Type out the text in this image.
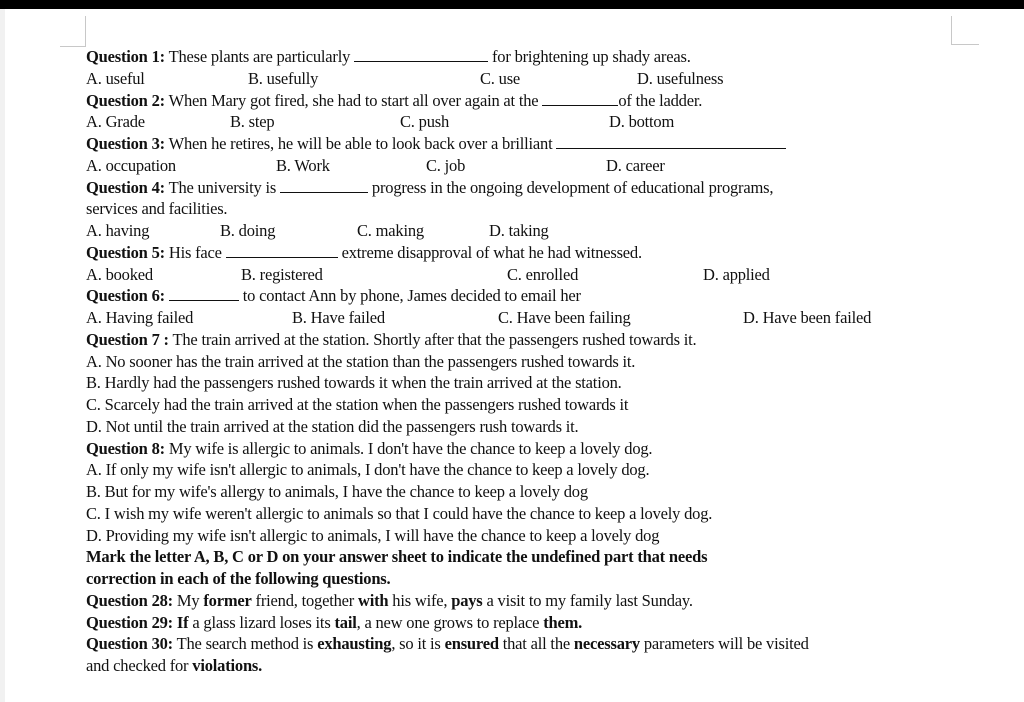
Question 1: These plants are particularly	for brightening up shady areas.
A. useful	B. usefully	C. use	D. usefulness
Question 2: When Mary got fired, she had to start all over again at the	of the ladder.
A. Grade	B. step	C. push	D. bottom
Question 3: When he retires, he will be able to look back over a brilliant
A. occupation	B. Work	C. job	D. career
Question 4: The university is	progress in the ongoing development of educational programs,
services and facilities.
A. having	B. doing	C. making	D. taking
Question 5: His face	extreme disapproval of what he had witnessed.
A. booked	B. registered	C. enrolled	D. applied
Question 6:	to contact Ann by phone, James decided to email her
A. Having failed	B. Have failed	C. Have been failing	D. Have been failed
Question 7 : The train arrived at the station. Shortly after that the passengers rushed towards it.
A. No sooner has the train arrived at the station than the passengers rushed towards it.
B. Hardly had the passengers rushed towards it when the train arrived at the station.
C. Scarcely had the train arrived at the station when the passengers rushed towards it
D. Not until the train arrived at the station did the passengers rush towards it.
Question 8: My wife is allergic to animals. I don't have the chance to keep a lovely dog.
A. If only my wife isn't allergic to animals, I don't have the chance to keep a lovely dog.
B. But for my wife's allergy to animals, I have the chance to keep a lovely dog
C. I wish my wife weren't allergic to animals so that I could have the chance to keep a lovely dog.
D. Providing my wife isn't allergic to animals, I will have the chance to keep a lovely dog
Mark the letter A, B, C or D on your answer sheet to indicate the undefined part that needs
correction in each of the following questions.
Question 28: My former friend, together with his wife, pays a visit to my family last Sunday.
Question 29: If a glass lizard loses its tail, a new one grows to replace them.
Question 30: The search method is exhausting, so it is ensured that all the necessary parameters will be visited
and checked for violations.
